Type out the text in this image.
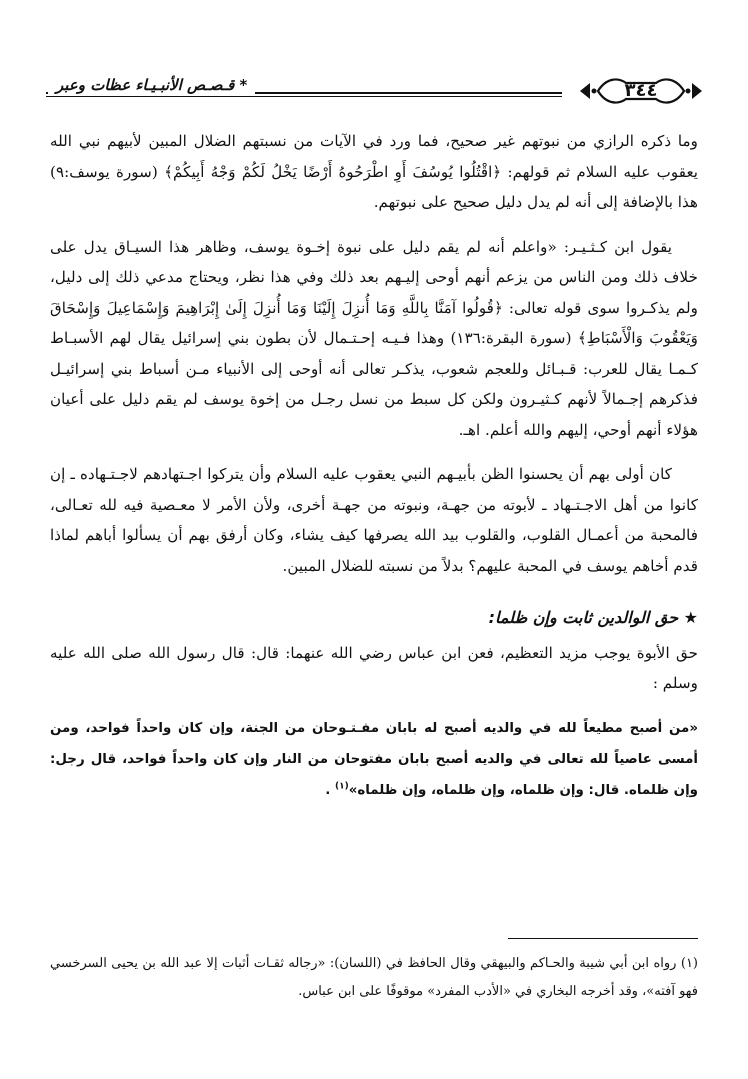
* قـصـص الأنبـيـاء عظات وعبر	٣٤٤

وما ذكره الرازي من نبوتهم غير صحيح، فما ورد في الآيات من نسبتهم الضلال المبين لأبيهم نبي الله يعقوب عليه السلام ثم قولهم: ﴿اقْتُلُوا يُوسُفَ أَوِ اطْرَحُوهُ أَرْضًا يَخْلُ لَكُمْ وَجْهُ أَبِيكُمْ﴾ (سورة يوسف:٩) هذا بالإضافة إلى أنه لم يدل دليل صحيح على نبوتهم.

يقول ابن كـثـيـر: «واعلم أنه لم يقم دليل على نبوة إخـوة يوسف، وظاهر هذا السيـاق يدل على خلاف ذلك ومن الناس من يزعم أنهم أوحى إليـهم بعد ذلك وفي هذا نظر، ويحتاج مدعي ذلك إلى دليل، ولم يذكـروا سوى قوله تعالى: ﴿قُولُوا آمَنَّا بِاللَّهِ وَمَا أُنزِلَ إِلَيْنَا وَمَا أُنزِلَ إِلَىٰ إِبْرَاهِيمَ وَإِسْمَاعِيلَ وَإِسْحَاقَ وَيَعْقُوبَ وَالْأَسْبَاطِ﴾ (سورة البقرة:١٣٦) وهذا فـيـه إحـتـمال لأن بطون بني إسرائيل يقال لهم الأسبـاط كـمـا يقال للعرب: قـبـائل وللعجم شعوب، يذكـر تعالى أنه أوحى إلى الأنبياء مـن أسباط بني إسرائيـل فذكرهم إجـمالاً لأنهم كـثيـرون ولكن كل سبط من نسل رجـل من إخوة يوسف لم يقم دليل على أعيان هؤلاء أنهم أوحي، إليهم والله أعلم. اهـ.

كان أولى بهم أن يحسنوا الظن بأبيـهم النبي يعقوب عليه السلام وأن يتركوا اجـتهادهم لاجـتـهاده ـ إن كانوا من أهل الاجـتـهاد ـ لأبوته من جهـة، ونبوته من جهـة أخرى، ولأن الأمر لا معـصية فيه لله تعـالى، فالمحبة من أعمـال القلوب، والقلوب بيد الله يصرفها كيف يشاء، وكان أرفق بهم أن يسألوا أباهم لماذا قدم أخاهم يوسف في المحبة عليهم؟ بدلاً من نسبته للضلال المبين.

★ حق الوالدين ثابت وإن ظلما:

حق الأبوة يوجب مزيد التعظيم، فعن ابن عباس رضي الله عنهما: قال: قال رسول الله صلى الله عليه وسلم :

«من أصبح مطيعاً لله في والديه أصبح له بابان مفـتـوحان من الجنة، وإن كان واحداً فواحد، ومن أمسى عاصياً لله تعالى في والديه أصبح بابان مفتوحان من النار وإن كان واحداً فواحد، قال رجل: وإن ظلماه. قال: وإن ظلماه، وإن ظلماه، وإن ظلماه»$^{(١)}$ .

(١) رواه ابن أبي شيبة والحـاكم والبيهقي وقال الحافظ في (اللسان): «رجاله ثقـات أثبات إلا عبد الله بن يحيى السرخسي فهو آفته»، وقد أخرجه البخاري في «الأدب المفرد» موقوفًا على ابن عباس.
